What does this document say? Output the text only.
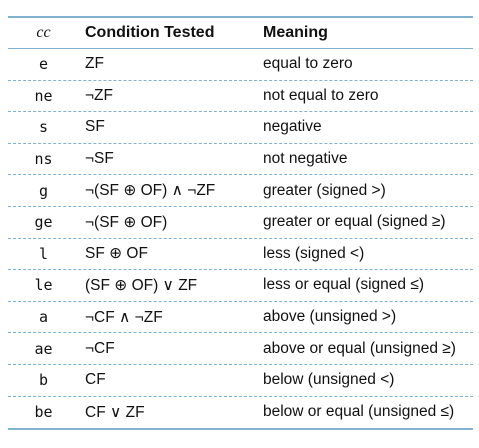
cc	Condition Tested	Meaning
e	ZF	equal to zero
ne	¬ZF	not equal to zero
s	SF	negative
ns	¬SF	not negative
g	¬(SF ⊕ OF) ∧ ¬ZF	greater (signed >)
ge	¬(SF ⊕ OF)	greater or equal (signed ≥)
l	SF ⊕ OF	less (signed <)
le	(SF ⊕ OF) ∨ ZF	less or equal (signed ≤)
a	¬CF ∧ ¬ZF	above (unsigned >)
ae	¬CF	above or equal (unsigned ≥)
b	CF	below (unsigned <)
be	CF ∨ ZF	below or equal (unsigned ≤)
